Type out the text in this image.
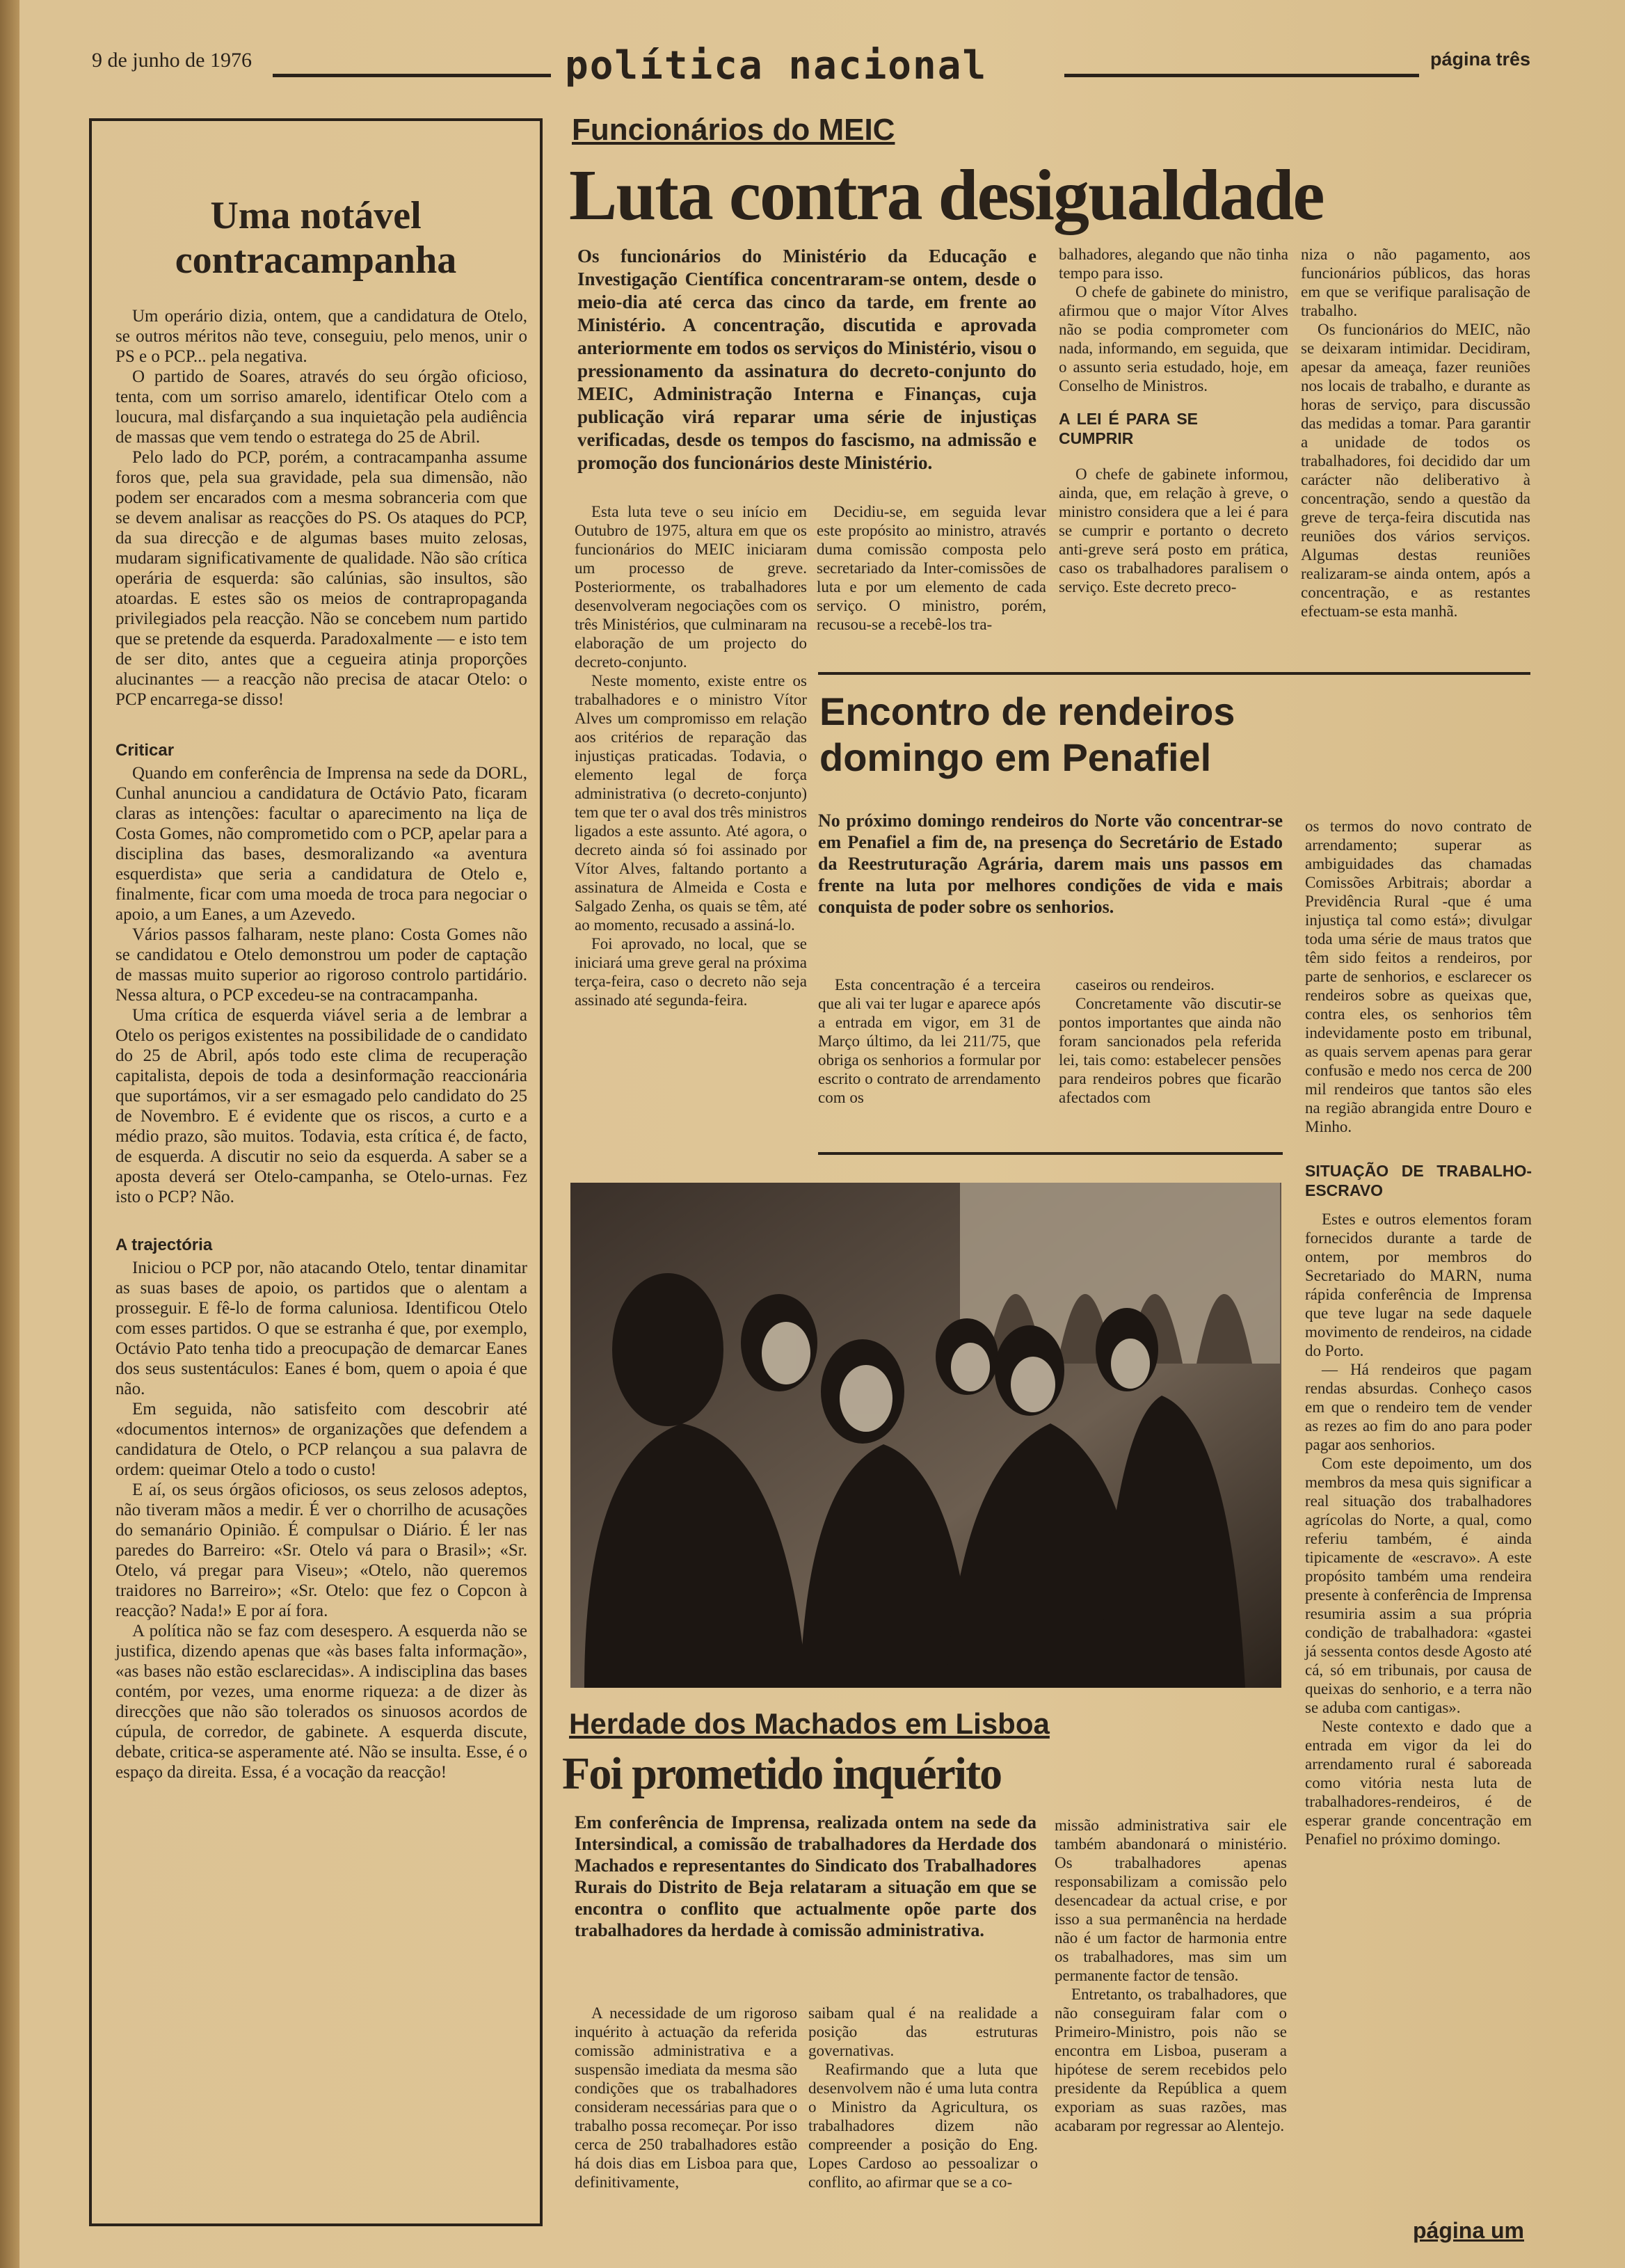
9 de junho de 1976	política nacional	página três
Uma notável contracampanha

Um operário dizia, ontem, que a candidatura de Otelo, se outros méritos não teve, conseguiu, pelo menos, unir o PS e o PCP... pela negativa.

O partido de Soares, através do seu órgão oficioso, tenta, com um sorriso amarelo, identificar Otelo com a loucura, mal disfarçando a sua inquietação pela audiência de massas que vem tendo o estratega do 25 de Abril.

Pelo lado do PCP, porém, a contracampanha assume foros que, pela sua gravidade, pela sua dimensão, não podem ser encarados com a mesma sobranceria com que se devem analisar as reacções do PS. Os ataques do PCP, da sua direcção e de algumas bases muito zelosas, mudaram significativamente de qualidade. Não são crítica operária de esquerda: são calúnias, são insultos, são atoardas. E estes são os meios de contrapropaganda privilegiados pela reacção. Não se concebem num partido que se pretende da esquerda. Paradoxalmente — e isto tem de ser dito, antes que a cegueira atinja proporções alucinantes — a reacção não precisa de atacar Otelo: o PCP encarrega-se disso!

Criticar

Quando em conferência de Imprensa na sede da DORL, Cunhal anunciou a candidatura de Octávio Pato, ficaram claras as intenções: facultar o aparecimento na liça de Costa Gomes, não comprometido com o PCP, apelar para a disciplina das bases, desmoralizando «a aventura esquerdista» que seria a candidatura de Otelo e, finalmente, ficar com uma moeda de troca para negociar o apoio, a um Eanes, a um Azevedo.

Vários passos falharam, neste plano: Costa Gomes não se candidatou e Otelo demonstrou um poder de captação de massas muito superior ao rigoroso controlo partidário. Nessa altura, o PCP excedeu-se na contracampanha.

Uma crítica de esquerda viável seria a de lembrar a Otelo os perigos existentes na possibilidade de o candidato do 25 de Abril, após todo este clima de recuperação capitalista, depois de toda a desinformação reaccionária que suportámos, vir a ser esmagado pelo candidato do 25 de Novembro. E é evidente que os riscos, a curto e a médio prazo, são muitos. Todavia, esta crítica é, de facto, de esquerda. A discutir no seio da esquerda. A saber se a aposta deverá ser Otelo-campanha, se Otelo-urnas. Fez isto o PCP? Não.

A trajectória

Iniciou o PCP por, não atacando Otelo, tentar dinamitar as suas bases de apoio, os partidos que o alentam a prosseguir. E fê-lo de forma caluniosa. Identificou Otelo com esses partidos. O que se estranha é que, por exemplo, Octávio Pato tenha tido a preocupação de demarcar Eanes dos seus sustentáculos: Eanes é bom, quem o apoia é que não.

Em seguida, não satisfeito com descobrir até «documentos internos» de organizações que defendem a candidatura de Otelo, o PCP relançou a sua palavra de ordem: queimar Otelo a todo o custo!

E aí, os seus órgãos oficiosos, os seus zelosos adeptos, não tiveram mãos a medir. É ver o chorrilho de acusações do semanário Opinião. É compulsar o Diário. É ler nas paredes do Barreiro: «Sr. Otelo vá para o Brasil»; «Sr. Otelo, vá pregar para Viseu»; «Otelo, não queremos traidores no Barreiro»; «Sr. Otelo: que fez o Copcon à reacção? Nada!» E por aí fora.

A política não se faz com desespero. A esquerda não se justifica, dizendo apenas que «às bases falta informação», «as bases não estão esclarecidas». A indisciplina das bases contém, por vezes, uma enorme riqueza: a de dizer às direcções que não são tolerados os sinuosos acordos de cúpula, de corredor, de gabinete. A esquerda discute, debate, critica-se asperamente até. Não se insulta. Esse, é o espaço da direita. Essa, é a vocação da reacção!

Funcionários do MEIC
Luta contra desigualdade
Os funcionários do Ministério da Educação e Investigação Científica concentraram-se ontem, desde o meio-dia até cerca das cinco da tarde, em frente ao Ministério. A concentração, discutida e aprovada anteriormente em todos os serviços do Ministério, visou o pressionamento da assinatura do decreto-conjunto do MEIC, Administração Interna e Finanças, cuja publicação virá reparar uma série de injustiças verificadas, desde os tempos do fascismo, na admissão e promoção dos funcionários deste Ministério.

Esta luta teve o seu início em Outubro de 1975, altura em que os funcionários do MEIC iniciaram um processo de greve. Posteriormente, os trabalhadores desenvolveram negociações com os três Ministérios, que culminaram na elaboração de um projecto do decreto-conjunto.

Neste momento, existe entre os trabalhadores e o ministro Vítor Alves um compromisso em relação aos critérios de reparação das injustiças praticadas. Todavia, o elemento legal de força administrativa (o decreto-conjunto) tem que ter o aval dos três ministros ligados a este assunto. Até agora, o decreto ainda só foi assinado por Vítor Alves, faltando portanto a assinatura de Almeida e Costa e Salgado Zenha, os quais se têm, até ao momento, recusado a assiná-lo.

Foi aprovado, no local, que se iniciará uma greve geral na próxima terça-feira, caso o decreto não seja assinado até segunda-feira.

Decidiu-se, em seguida levar este propósito ao ministro, através duma comissão composta pelo secretariado da Inter-comissões de luta e por um elemento de cada serviço. O ministro, porém, recusou-se a recebê-los tra-

balhadores, alegando que não tinha tempo para isso.

O chefe de gabinete do ministro, afirmou que o major Vítor Alves não se podia comprometer com nada, informando, em seguida, que o assunto seria estudado, hoje, em Conselho de Ministros.

A LEI É PARA SE CUMPRIR

O chefe de gabinete informou, ainda, que, em relação à greve, o ministro considera que a lei é para se cumprir e portanto o decreto anti-greve será posto em prática, caso os trabalhadores paralisem o serviço. Este decreto preco-

niza o não pagamento, aos funcionários públicos, das horas em que se verifique paralisação de trabalho.

Os funcionários do MEIC, não se deixaram intimidar. Decidiram, apesar da ameaça, fazer reuniões nos locais de trabalho, e durante as horas de serviço, para discussão das medidas a tomar. Para garantir a unidade de todos os trabalhadores, foi decidido dar um carácter não deliberativo à concentração, sendo a questão da greve de terça-feira discutida nas reuniões dos vários serviços. Algumas destas reuniões realizaram-se ainda ontem, após a concentração, e as restantes efectuam-se esta manhã.

Encontro de rendeiros domingo em Penafiel
No próximo domingo rendeiros do Norte vão concentrar-se em Penafiel a fim de, na presença do Secretário de Estado da Reestruturação Agrária, darem mais uns passos em frente na luta por melhores condições de vida e mais conquista de poder sobre os senhorios.

Esta concentração é a terceira que ali vai ter lugar e aparece após a entrada em vigor, em 31 de Março último, da lei 211/75, que obriga os senhorios a formular por escrito o contrato de arrendamento com os

caseiros ou rendeiros.

Concretamente vão discutir-se pontos importantes que ainda não foram sancionados pela referida lei, tais como: estabelecer pensões para rendeiros pobres que ficarão afectados com

os termos do novo contrato de arrendamento; superar as ambiguidades das chamadas Comissões Arbitrais; abordar a Previdência Rural -que é uma injustiça tal como está»; divulgar toda uma série de maus tratos que têm sido feitos a rendeiros, por parte de senhorios, e esclarecer os rendeiros sobre as queixas que, contra eles, os senhorios têm indevidamente posto em tribunal, as quais servem apenas para gerar confusão e medo nos cerca de 200 mil rendeiros que tantos são eles na região abrangida entre Douro e Minho.

SITUAÇÃO DE TRABALHO-ESCRAVO

Estes e outros elementos foram fornecidos durante a tarde de ontem, por membros do Secretariado do MARN, numa rápida conferência de Imprensa que teve lugar na sede daquele movimento de rendeiros, na cidade do Porto.

— Há rendeiros que pagam rendas absurdas. Conheço casos em que o rendeiro tem de vender as rezes ao fim do ano para poder pagar aos senhorios.

Com este depoimento, um dos membros da mesa quis significar a real situação dos trabalhadores agrícolas do Norte, a qual, como referiu também, é ainda tipicamente de «escravo». A este propósito também uma rendeira presente à conferência de Imprensa resumiria assim a sua própria condição de trabalhadora: «gastei já sessenta contos desde Agosto até cá, só em tribunais, por causa de queixas do senhorio, e a terra não se aduba com cantigas».

Neste contexto e dado que a entrada em vigor da lei do arrendamento rural é saboreada como vitória nesta luta de trabalhadores-rendeiros, é de esperar grande concentração em Penafiel no próximo domingo.

Herdade dos Machados em Lisboa
Foi prometido inquérito
Em conferência de Imprensa, realizada ontem na sede da Intersindical, a comissão de trabalhadores da Herdade dos Machados e representantes do Sindicato dos Trabalhadores Rurais do Distrito de Beja relataram a situação em que se encontra o conflito que actualmente opõe parte dos trabalhadores da herdade à comissão administrativa.

A necessidade de um rigoroso inquérito à actuação da referida comissão administrativa e a suspensão imediata da mesma são condições que os trabalhadores consideram necessárias para que o trabalho possa recomeçar. Por isso cerca de 250 trabalhadores estão há dois dias em Lisboa para que, definitivamente,

saibam qual é na realidade a posição das estruturas governativas.

Reafirmando que a luta que desenvolvem não é uma luta contra o Ministro da Agricultura, os trabalhadores dizem não compreender a posição do Eng. Lopes Cardoso ao pessoalizar o conflito, ao afirmar que se a co-

missão administrativa sair ele também abandonará o ministério. Os trabalhadores apenas responsabilizam a comissão pelo desencadear da actual crise, e por isso a sua permanência na herdade não é um factor de harmonia entre os trabalhadores, mas sim um permanente factor de tensão.

Entretanto, os trabalhadores, que não conseguiram falar com o Primeiro-Ministro, pois não se encontra em Lisboa, puseram a hipótese de serem recebidos pelo presidente da República a quem exporiam as suas razões, mas acabaram por regressar ao Alentejo.

página um
